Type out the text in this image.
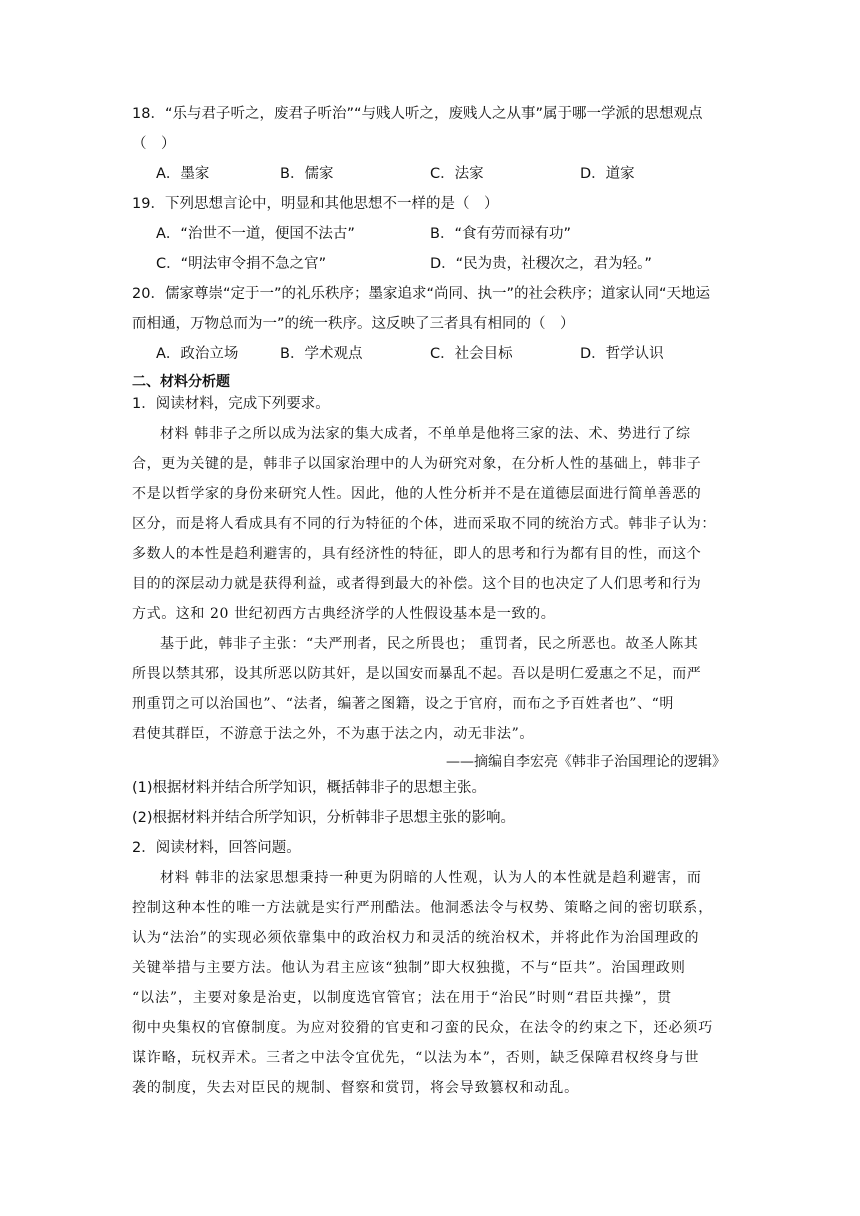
18．“乐与君子听之，废君子听治”“与贱人听之，废贱人之从事”属于哪一学派的思想观点
（　）
A．墨家	B．儒家	C．法家	D．道家
19．下列思想言论中，明显和其他思想不一样的是（　）
A．“治世不一道，便国不法古”	B．“食有劳而禄有功”
C．“明法审令捐不急之官”	D．“民为贵，社稷次之，君为轻。”
20．儒家尊崇“定于一”的礼乐秩序；墨家追求“尚同、执一”的社会秩序；道家认同“天地运
而相通，万物总而为一”的统一秩序。这反映了三者具有相同的（　）
A．政治立场	B．学术观点	C．社会目标	D．哲学认识
二、材料分析题
1．阅读材料，完成下列要求。
材料 韩非子之所以成为法家的集大成者，不单单是他将三家的法、术、势进行了综
合，更为关键的是，韩非子以国家治理中的人为研究对象，在分析人性的基础上，韩非子
不是以哲学家的身份来研究人性。因此，他的人性分析并不是在道德层面进行简单善恶的
区分，而是将人看成具有不同的行为特征的个体，进而采取不同的统治方式。韩非子认为：
多数人的本性是趋利避害的，具有经济性的特征，即人的思考和行为都有目的性，而这个
目的的深层动力就是获得利益，或者得到最大的补偿。这个目的也决定了人们思考和行为
方式。这和 20 世纪初西方古典经济学的人性假设基本是一致的。
基于此，韩非子主张：“夫严刑者，民之所畏也； 重罚者，民之所恶也。故圣人陈其
所畏以禁其邪，设其所恶以防其奸，是以国安而暴乱不起。吾以是明仁爱惠之不足，而严
刑重罚之可以治国也”、“法者，编著之图籍，设之于官府，而布之予百姓者也”、“明
君使其群臣，不游意于法之外，不为惠于法之内，动无非法”。
——摘编自李宏亮《韩非子治国理论的逻辑》
(1)根据材料并结合所学知识，概括韩非子的思想主张。
(2)根据材料并结合所学知识，分析韩非子思想主张的影响。
2．阅读材料，回答问题。
材料 韩非的法家思想秉持一种更为阴暗的人性观，认为人的本性就是趋利避害，而
控制这种本性的唯一方法就是实行严刑酷法。他洞悉法令与权势、策略之间的密切联系，
认为“法治”的实现必须依靠集中的政治权力和灵活的统治权术，并将此作为治国理政的
关键举措与主要方法。他认为君主应该“独制”即大权独揽，不与“臣共”。治国理政则
“以法”，主要对象是治吏，以制度选官管官；法在用于“治民”时则“君臣共操”，贯
彻中央集权的官僚制度。为应对狡猾的官吏和刁蛮的民众，在法令的约束之下，还必须巧
谋诈略，玩权弄术。三者之中法令宜优先，“以法为本”，否则，缺乏保障君权终身与世
袭的制度，失去对臣民的规制、督察和赏罚，将会导致篡权和动乱。
